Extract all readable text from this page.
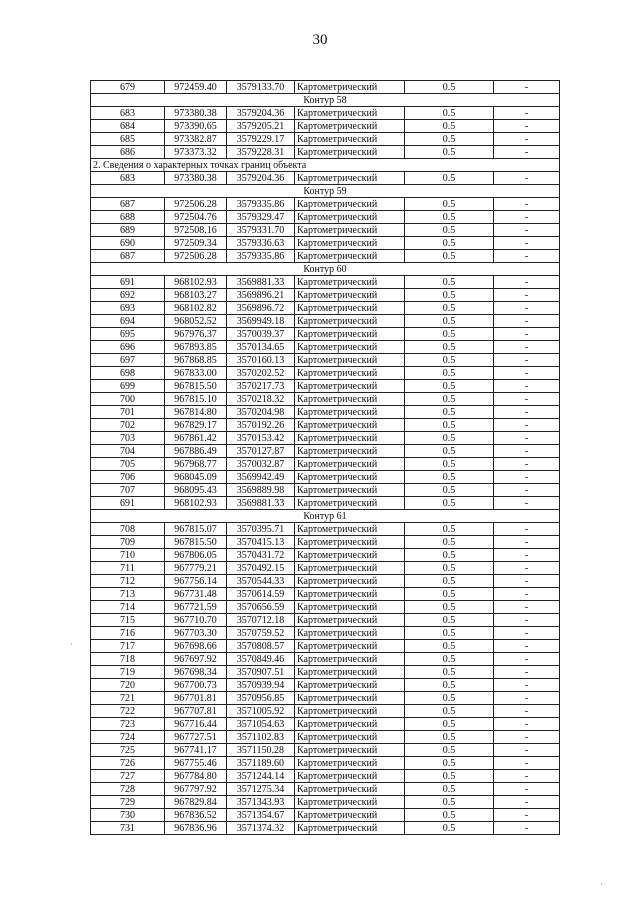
30
679	972459.40	3579133.70	Картометрический	0.5	-
Контур 58					
683	973380.38	3579204.36	Картометрический	0.5	-
684	973390.65	3579205.21	Картометрический	0.5	-
685	973382.87	3579229.17	Картометрический	0.5	-
686	973373.32	3579228.31	Картометрический	0.5	-
2. Сведения о характерных точках границ объекта					
683	973380.38	3579204.36	Картометрический	0.5	-
Контур 59					
687	972506.28	3579335.86	Картометрический	0.5	-
688	972504.76	3579329.47	Картометрический	0.5	-
689	972508.16	3579331.70	Картометрический	0.5	-
690	972509.34	3579336.63	Картометрический	0.5	-
687	972506.28	3579335.86	Картометрический	0.5	-
Контур 60					
691	968102.93	3569881.33	Картометрический	0.5	-
692	968103.27	3569896.21	Картометрический	0.5	-
693	968102.82	3569896.72	Картометрический	0.5	-
694	968052.52	3569949.18	Картометрический	0.5	-
695	967976.37	3570039.37	Картометрический	0.5	-
696	967893.85	3570134.65	Картометрический	0.5	-
697	967868.85	3570160.13	Картометрический	0.5	-
698	967833.00	3570202.52	Картометрический	0.5	-
699	967815.50	3570217.73	Картометрический	0.5	-
700	967815.10	3570218.32	Картометрический	0.5	-
701	967814.80	3570204.98	Картометрический	0.5	-
702	967829.17	3570192.26	Картометрический	0.5	-
703	967861.42	3570153.42	Картометрический	0.5	-
704	967886.49	3570127.87	Картометрический	0.5	-
705	967968.77	3570032.87	Картометрический	0.5	-
706	968045.09	3569942.49	Картометрический	0.5	-
707	968095.43	3569889.98	Картометрический	0.5	-
691	968102.93	3569881.33	Картометрический	0.5	-
Контур 61					
708	967815.07	3570395.71	Картометрический	0.5	-
709	967815.50	3570415.13	Картометрический	0.5	-
710	967806.05	3570431.72	Картометрический	0.5	-
711	967779.21	3570492.15	Картометрический	0.5	-
712	967756.14	3570544.33	Картометрический	0.5	-
713	967731.48	3570614.59	Картометрический	0.5	-
714	967721.59	3570656.59	Картометрический	0.5	-
715	967710.70	3570712.18	Картометрический	0.5	-
716	967703.30	3570759.52	Картометрический	0.5	-
717	967698.66	3570808.57	Картометрический	0.5	-
718	967697.92	3570849.46	Картометрический	0.5	-
719	967698.34	3570907.51	Картометрический	0.5	-
720	967700.73	3570939.94	Картометрический	0.5	-
721	967701.81	3570956.85	Картометрический	0.5	-
722	967707.81	3571005.92	Картометрический	0.5	-
723	967716.44	3571054.63	Картометрический	0.5	-
724	967727.51	3571102.83	Картометрический	0.5	-
725	967741.17	3571150.28	Картометрический	0.5	-
726	967755.46	3571189.60	Картометрический	0.5	-
727	967784.80	3571244.14	Картометрический	0.5	-
728	967797.92	3571275.34	Картометрический	0.5	-
729	967829.84	3571343.93	Картометрический	0.5	-
730	967836.52	3571354.67	Картометрический	0.5	-
731	967836.96	3571374.32	Картометрический	0.5	-
·
·
